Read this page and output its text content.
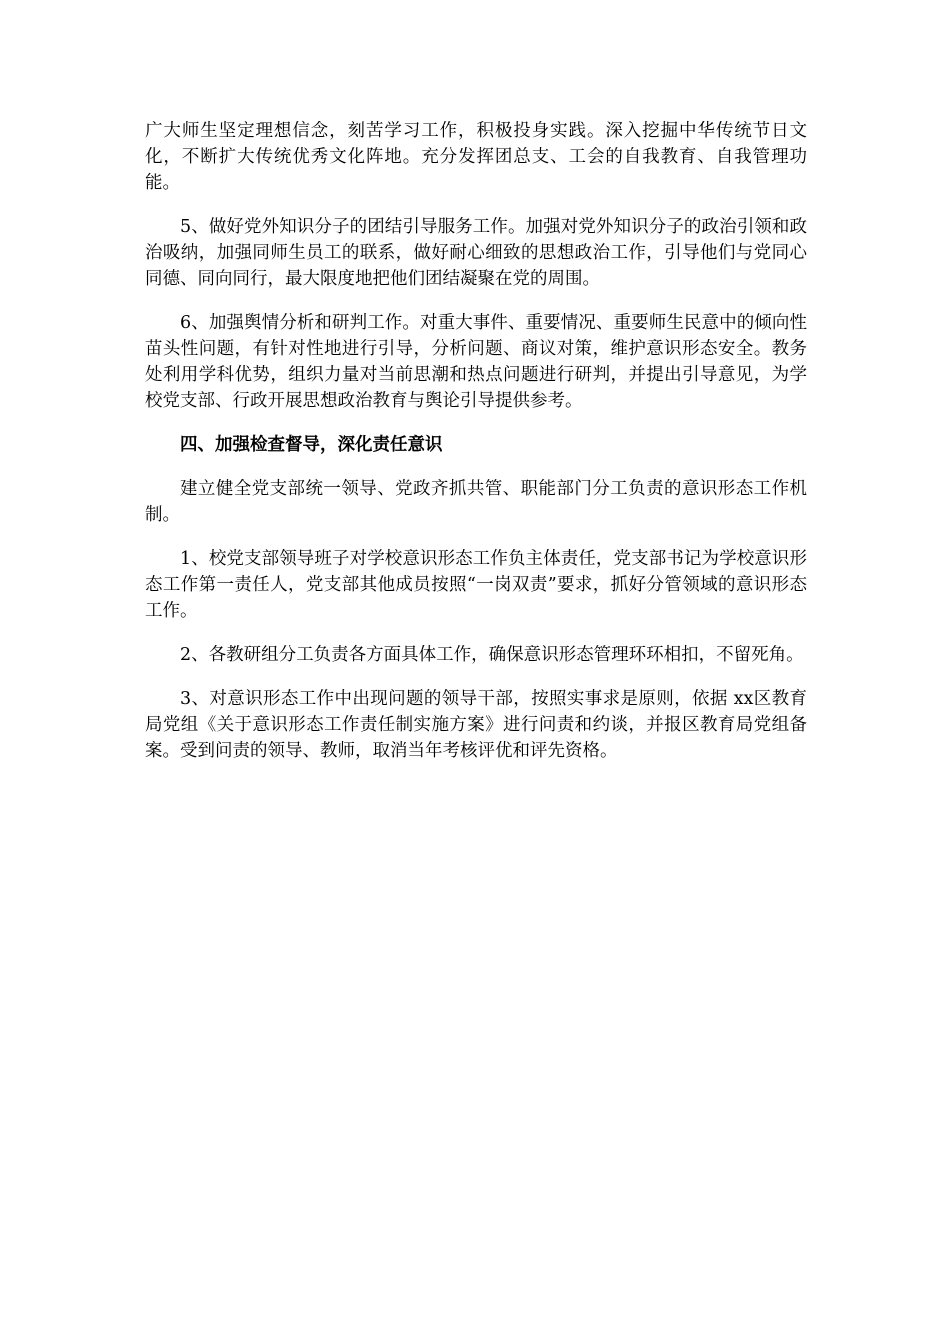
广大师生坚定理想信念，刻苦学习工作，积极投身实践。深入挖掘中华传统节日文化，不断扩大传统优秀文化阵地。充分发挥团总支、工会的自我教育、自我管理功能。

5、做好党外知识分子的团结引导服务工作。加强对党外知识分子的政治引领和政治吸纳，加强同师生员工的联系，做好耐心细致的思想政治工作，引导他们与党同心同德、同向同行，最大限度地把他们团结凝聚在党的周围。

6、加强舆情分析和研判工作。对重大事件、重要情况、重要师生民意中的倾向性苗头性问题，有针对性地进行引导，分析问题、商议对策，维护意识形态安全。教务处利用学科优势，组织力量对当前思潮和热点问题进行研判，并提出引导意见，为学校党支部、行政开展思想政治教育与舆论引导提供参考。

四、加强检查督导，深化责任意识

建立健全党支部统一领导、党政齐抓共管、职能部门分工负责的意识形态工作机制。

1、校党支部领导班子对学校意识形态工作负主体责任，党支部书记为学校意识形态工作第一责任人，党支部其他成员按照“一岗双责”要求，抓好分管领域的意识形态工作。

2、各教研组分工负责各方面具体工作，确保意识形态管理环环相扣，不留死角。

3、对意识形态工作中出现问题的领导干部，按照实事求是原则，依据 xx区教育局党组《关于意识形态工作责任制实施方案》进行问责和约谈，并报区教育局党组备案。受到问责的领导、教师，取消当年考核评优和评先资格。
